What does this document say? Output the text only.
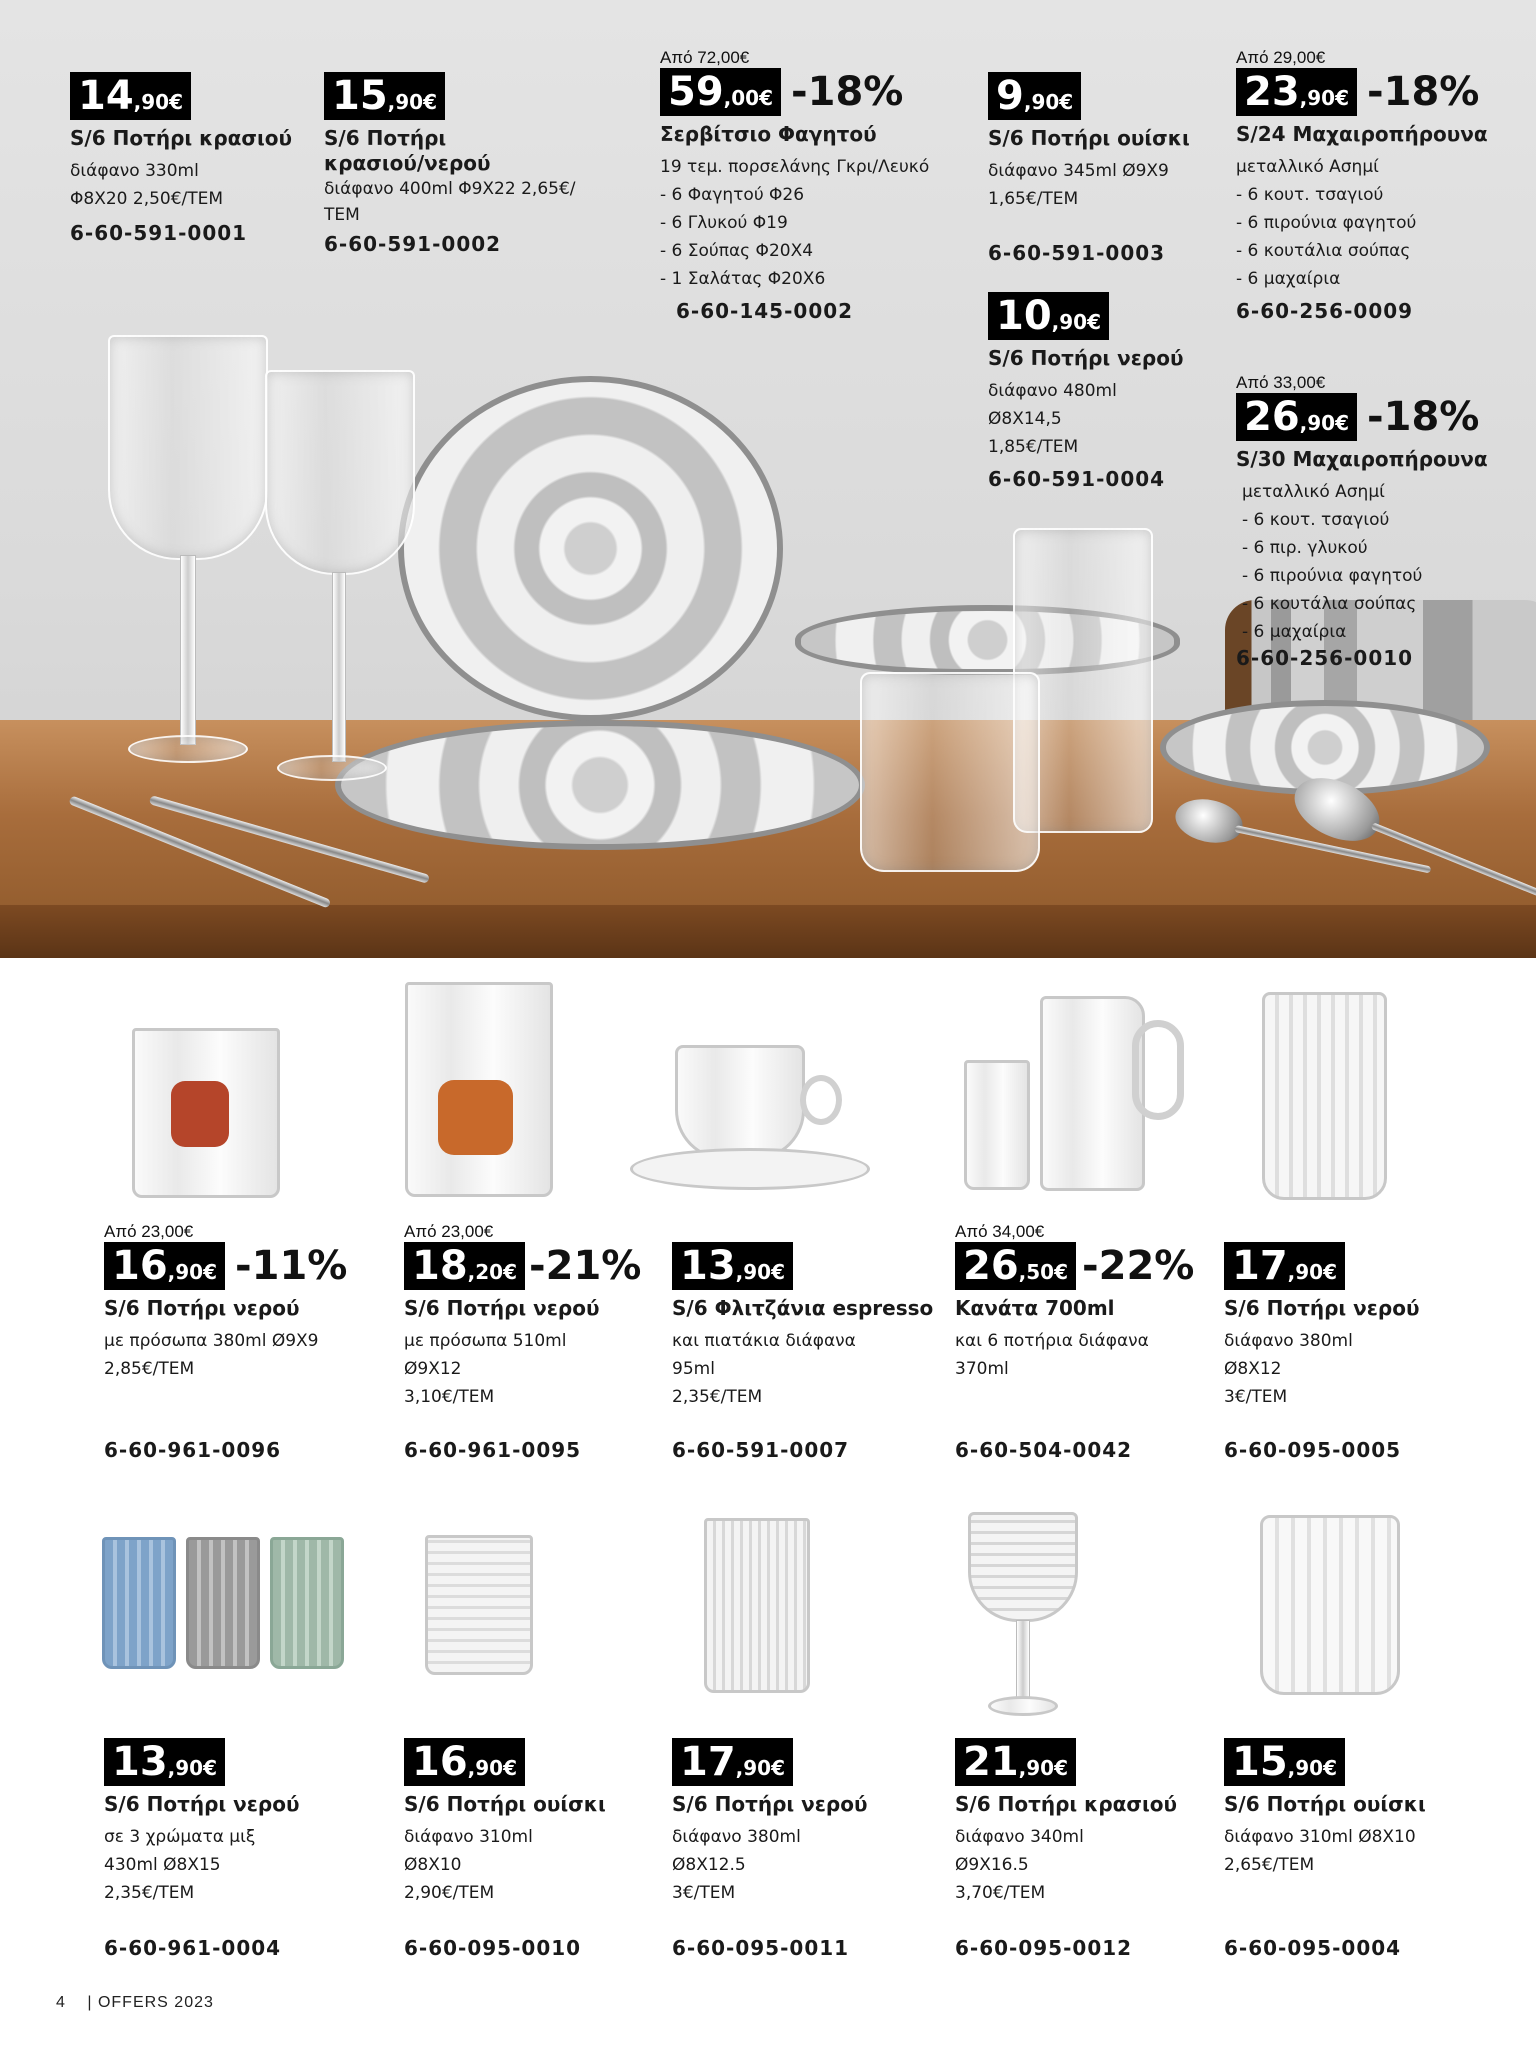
14,90€
S/6 Ποτήρι κρασιού
διάφανο 330ml
Φ8Χ20 2,50€/ΤΕΜ
6-60-591-0001
15,90€
S/6 Ποτήρι
κρασιού/νερού
διάφανο 400ml Φ9Χ22 2,65€/
ΤΕΜ
6-60-591-0002
Από 72,00€
59,00€ -18%
Σερβίτσιο Φαγητού
19 τεμ. πορσελάνης Γκρι/Λευκό
- 6 Φαγητού Φ26
- 6 Γλυκού Φ19
- 6 Σούπας Φ20Χ4
- 1 Σαλάτας Φ20Χ6
6-60-145-0002
9,90€
S/6 Ποτήρι ουίσκι
διάφανο 345ml Ø9X9
1,65€/ΤΕΜ
6-60-591-0003
10,90€
S/6 Ποτήρι νερού
διάφανο 480ml
Ø8X14,5
1,85€/ΤΕΜ
6-60-591-0004
Από 29,00€
23,90€ -18%
S/24 Μαχαιροπήρουνα
μεταλλικό Ασημί
- 6 κουτ. τσαγιού
- 6 πιρούνια φαγητού
- 6 κουτάλια σούπας
- 6 μαχαίρια
6-60-256-0009
Από 33,00€
26,90€ -18%
S/30 Μαχαιροπήρουνα
μεταλλικό Ασημί
- 6 κουτ. τσαγιού
- 6 πιρ. γλυκού
- 6 πιρούνια φαγητού
- 6 κουτάλια σούπας
- 6 μαχαίρια
6-60-256-0010
Από 23,00€
16,90€ -11%
S/6 Ποτήρι νερού
με πρόσωπα 380ml Ø9X9
2,85€/ΤΕΜ
6-60-961-0096
Από 23,00€
18,20€ -21%
S/6 Ποτήρι νερού
με πρόσωπα 510ml
Ø9X12
3,10€/ΤΕΜ
6-60-961-0095
13,90€
S/6 Φλιτζάνια espresso
και πιατάκια διάφανα
95ml
2,35€/ΤΕΜ
6-60-591-0007
Από 34,00€
26,50€ -22%
Κανάτα 700ml
και 6 ποτήρια διάφανα
370ml
6-60-504-0042
17,90€
S/6 Ποτήρι νερού
διάφανο 380ml
Ø8X12
3€/ΤΕΜ
6-60-095-0005
13,90€
S/6 Ποτήρι νερού
σε 3 χρώματα μιξ
430ml Ø8X15
2,35€/ΤΕΜ
6-60-961-0004
16,90€
S/6 Ποτήρι ουίσκι
διάφανο 310ml
Ø8X10
2,90€/ΤΕΜ
6-60-095-0010
17,90€
S/6 Ποτήρι νερού
διάφανο 380ml
Ø8X12.5
3€/ΤΕΜ
6-60-095-0011
21,90€
S/6 Ποτήρι κρασιού
διάφανο 340ml
Ø9X16.5
3,70€/ΤΕΜ
6-60-095-0012
15,90€
S/6 Ποτήρι ουίσκι
διάφανο 310ml Ø8X10
2,65€/ΤΕΜ
6-60-095-0004
4 | OFFERS 2023
